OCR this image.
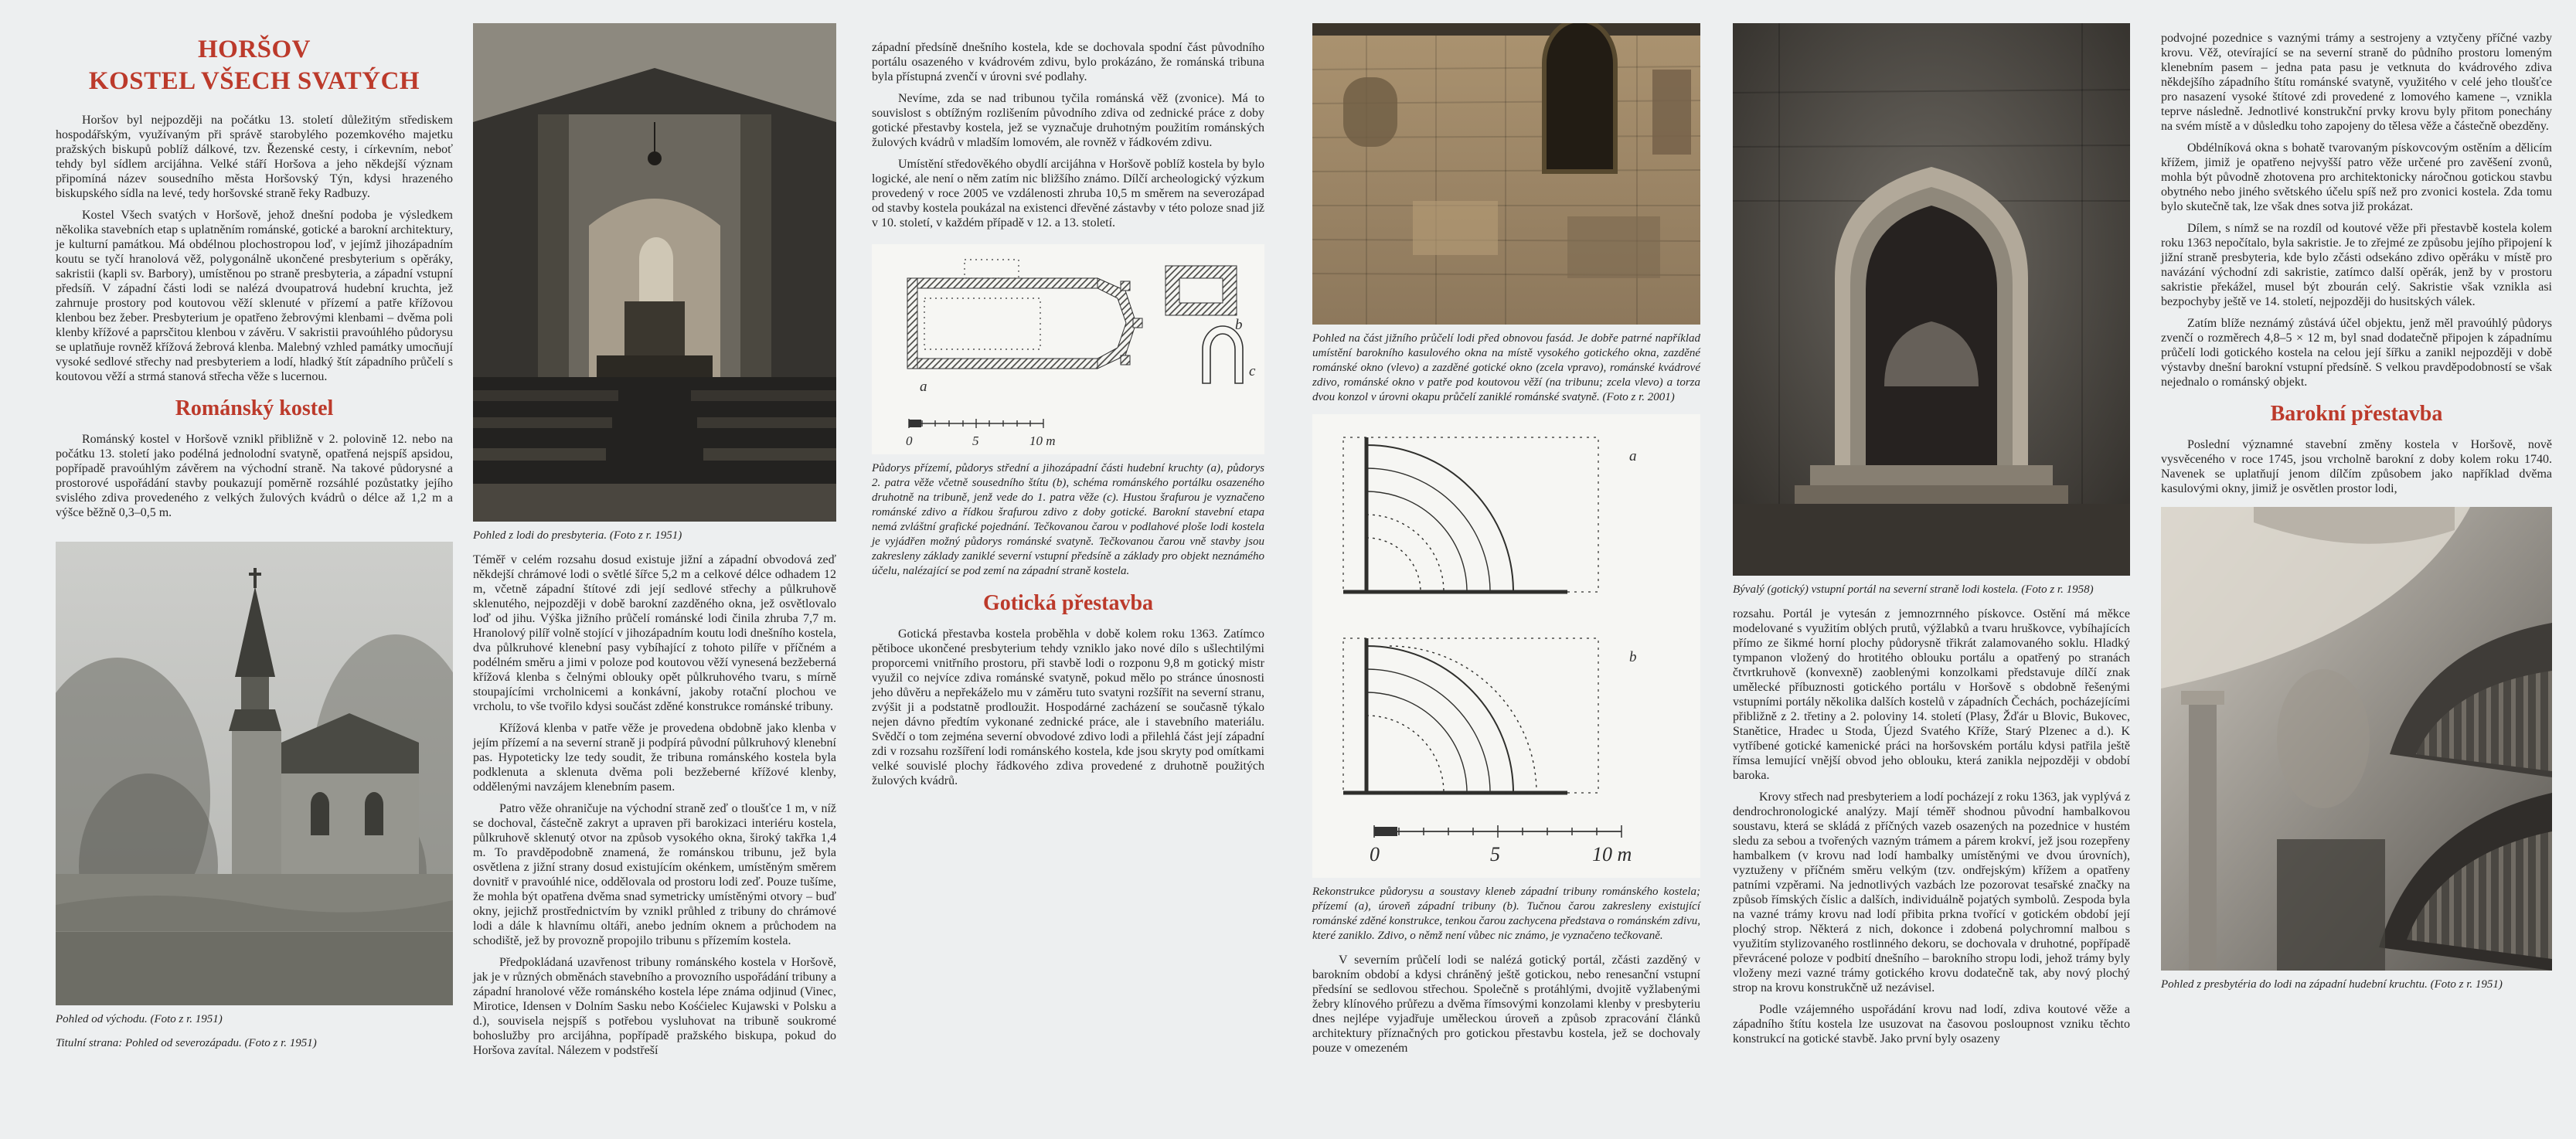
HORŠOV
KOSTEL VŠECH SVATÝCH

Horšov byl nejpozději na počátku 13. století důležitým střediskem hospodářským, využívaným při správě starobylého pozemkového majetku pražských biskupů poblíž dálkové, tzv. Řezenské cesty, i církevním, neboť tehdy byl sídlem arcijáhna. Velké stáří Horšova a jeho někdejší význam připomíná název sousedního města Horšovský Týn, kdysi hrazeného biskupského sídla na levé, tedy horšovské straně řeky Radbuzy.

Kostel Všech svatých v Horšově, jehož dnešní podoba je výsledkem několika stavebních etap s uplatněním románské, gotické a barokní architektury, je kulturní památkou. Má obdélnou plochostropou loď, v jejímž jihozápadním koutu se tyčí hranolová věž, polygonálně ukončené presbyterium s opěráky, sakristii (kapli sv. Barbory), umístěnou po straně presbyteria, a západní vstupní předsíň. V západní části lodi se nalézá dvoupatrová hudební kruchta, jež zahrnuje prostory pod koutovou věží sklenuté v přízemí a patře křížovou klenbou bez žeber. Presbyterium je opatřeno žebrovými klenbami – dvěma poli klenby křížové a paprsčitou klenbou v závěru. V sakristii pravoúhlého půdorysu se uplatňuje rovněž křížová žebrová klenba. Malebný vzhled památky umocňují vysoké sedlové střechy nad presbyteriem a lodí, hladký štít západního průčelí s koutovou věží a strmá stanová střecha věže s lucernou.

Románský kostel

Románský kostel v Horšově vznikl přibližně v 2. polovině 12. nebo na počátku 13. století jako podélná jednolodní svatyně, opatřená nejspíš apsidou, popřípadě pravoúhlým závěrem na východní straně. Na takové půdorysné a prostorové uspořádání stavby poukazují poměrně rozsáhlé pozůstatky jejího svislého zdiva provedeného z velkých žulových kvádrů o délce až 1,2 m a výšce běžně 0,3–0,5 m.

Pohled od východu. (Foto z r. 1951)

Titulní strana: Pohled od severozápadu. (Foto z r. 1951)

Pohled z lodi do presbyteria. (Foto z r. 1951)

Téměř v celém rozsahu dosud existuje jižní a západní obvodová zeď někdejší chrámové lodi o světlé šířce 5,2 m a celkové délce odhadem 12 m, včetně západní štítové zdi její sedlové střechy a půlkruhově sklenutého, nejpozději v době barokní zazděného okna, jež osvětlovalo loď od jihu. Výška jižního průčelí románské lodi činila zhruba 7,7 m. Hranolový pilíř volně stojící v jihozápadním koutu lodi dnešního kostela, dva půlkruhové klenební pasy vybíhající z tohoto pilíře v příčném a podélném směru a jimi v poloze pod koutovou věží vynesená bezžeberná křížová klenba s čelnými oblouky opět půlkruhového tvaru, s mírně stoupajícími vrcholnicemi a konkávní, jakoby rotační plochou ve vrcholu, to vše tvořilo kdysi součást zděné konstrukce románské tribuny.

Křížová klenba v patře věže je provedena obdobně jako klenba v jejím přízemí a na severní straně ji podpírá původní půlkruhový klenební pas. Hypoteticky lze tedy soudit, že tribuna románského kostela byla podklenuta a sklenuta dvěma poli bezžeberné křížové klenby, oddělenými navzájem klenebním pasem.

Patro věže ohraničuje na východní straně zeď o tloušťce 1 m, v níž se dochoval, částečně zakryt a upraven při barokizaci interiéru kostela, půlkruhově sklenutý otvor na způsob vysokého okna, široký takřka 1,4 m. To pravděpodobně znamená, že románskou tribunu, jež byla osvětlena z jižní strany dosud existujícím okénkem, umístěným směrem dovnitř v pravoúhlé nice, oddělovala od prostoru lodi zeď. Pouze tušíme, že mohla být opatřena dvěma snad symetricky umístěnými otvory – buď okny, jejichž prostřednictvím by vznikl průhled z tribuny do chrámové lodi a dále k hlavnímu oltáři, anebo jedním oknem a průchodem na schodiště, jež by provozně propojilo tribunu s přízemím kostela.

Předpokládaná uzavřenost tribuny románského kostela v Horšově, jak je v různých obměnách stavebního a provozního uspořádání tribuny a západní hranolové věže románského kostela lépe známa odjinud (Vinec, Mirotice, Idensen v Dolním Sasku nebo Kośćielec Kujawski v Polsku a d.), souvisela nejspíš s potřebou vysluhovat na tribuně soukromé bohoslužby pro arcijáhna, popřípadě pražského biskupa, pokud do Horšova zavítal. Nálezem v podstřeší

západní předsíně dnešního kostela, kde se dochovala spodní část původního portálu osazeného v kvádrovém zdivu, bylo prokázáno, že románská tribuna byla přístupná zvenčí v úrovni své podlahy.

Nevíme, zda se nad tribunou tyčila románská věž (zvonice). Má to souvislost s obtížným rozlišením původního zdiva od zednické práce z doby gotické přestavby kostela, jež se vyznačuje druhotným použitím románských žulových kvádrů v mladším lomovém, ale rovněž v řádkovém zdivu.

Umístění středověkého obydlí arcijáhna v Horšově poblíž kostela by bylo logické, ale není o něm zatím nic bližšího známo. Dílčí archeologický výzkum provedený v roce 2005 ve vzdálenosti zhruba 10,5 m směrem na severozápad od stavby kostela poukázal na existenci dřevěné zástavby v této poloze snad již v 10. století, v každém případě v 12. a 13. století.

a
b
c
0	5	10 m

Půdorys přízemí, půdorys střední a jihozápadní části hudební kruchty (a), půdorys 2. patra věže včetně sousedního štítu (b), schéma románského portálku osazeného druhotně na tribuně, jenž vede do 1. patra věže (c). Hustou šrafurou je vyznačeno románské zdivo a řídkou šrafurou zdivo z doby gotické. Barokní stavební etapa nemá zvláštní grafické pojednání. Tečkovanou čarou v podlahové ploše lodi kostela je vyjádřen možný půdorys románské svatyně. Tečkovanou čarou vně stavby jsou zakresleny základy zaniklé severní vstupní předsíně a základy pro objekt neznámého účelu, nalézající se pod zemí na západní straně kostela.

Gotická přestavba

Gotická přestavba kostela proběhla v době kolem roku 1363. Zatímco pětiboce ukončené presbyterium tehdy vzniklo jako nové dílo s ušlechtilými proporcemi vnitřního prostoru, při stavbě lodi o rozponu 9,8 m gotický mistr využil co nejvíce zdiva románské svatyně, pokud mělo po stránce únosnosti jeho důvěru a nepřekáželo mu v záměru tuto svatyni rozšířit na severní stranu, zvýšit ji a podstatně prodloužit. Hospodárné zacházení se současně týkalo nejen dávno předtím vykonané zednické práce, ale i stavebního materiálu. Svědčí o tom zejména severní obvodové zdivo lodi a přilehlá část její západní zdi v rozsahu rozšíření lodi románského kostela, kde jsou skryty pod omítkami velké souvislé plochy řádkového zdiva provedené z druhotně použitých žulových kvádrů.

Pohled na část jižního průčelí lodi před obnovou fasád. Je dobře patrné například umístění barokního kasulového okna na místě vysokého gotického okna, zazděné románské okno (vlevo) a zazděné gotické okno (zcela vpravo), románské kvádrové zdivo, románské okno v patře pod koutovou věží (na tribunu; zcela vlevo) a torza dvou konzol v úrovni okapu průčelí zaniklé románské svatyně. (Foto z r. 2001)

a
b
0	5	10 m

Rekonstrukce půdorysu a soustavy kleneb západní tribuny románského kostela; přízemí (a), úroveň západní tribuny (b). Tučnou čarou zakresleny existující románské zděné konstrukce, tenkou čarou zachycena představa o románském zdivu, které zaniklo. Zdivo, o němž není vůbec nic známo, je vyznačeno tečkovaně.

V severním průčelí lodi se nalézá gotický portál, zčásti zazděný v barokním období a kdysi chráněný ještě gotickou, nebo renesanční vstupní předsíní se sedlovou střechou. Společně s protáhlými, dvojitě vyžlabenými žebry klínového průřezu a dvěma římsovými konzolami klenby v presbyteriu dnes nejlépe vyjadřuje uměleckou úroveň a způsob zpracování článků architektury příznačných pro gotickou přestavbu kostela, jež se dochovaly pouze v omezeném

Bývalý (gotický) vstupní portál na severní straně lodi kostela. (Foto z r. 1958)

rozsahu. Portál je vytesán z jemnozrnného pískovce. Ostění má měkce modelované s využitím oblých prutů, výžlabků a tvaru hruškovce, vybíhajících přímo ze šikmé horní plochy půdorysně třikrát zalamovaného soklu. Hladký tympanon vložený do hrotitého oblouku portálu a opatřený po stranách čtvrtkruhově (konvexně) zaoblenými konzolkami představuje dílčí znak umělecké příbuznosti gotického portálu v Horšově s obdobně řešenými vstupními portály několika dalších kostelů v západních Čechách, pocházejícími přibližně z 2. třetiny a 2. poloviny 14. století (Plasy, Žďár u Blovic, Bukovec, Stanětice, Hradec u Stoda, Újezd Svatého Kříže, Starý Plzenec a d.). K vytříbené gotické kamenické práci na horšovském portálu kdysi patřila ještě římsa lemující vnější obvod jeho oblouku, která zanikla nejpozději v období baroka.

Krovy střech nad presbyteriem a lodí pocházejí z roku 1363, jak vyplývá z dendrochronologické analýzy. Mají téměř shodnou původní hambalkovou soustavu, která se skládá z příčných vazeb osazených na pozednice v hustém sledu za sebou a tvořených vazným trámem a párem krokví, jež jsou rozepřeny hambalkem (v krovu nad lodí hambalky umístěnými ve dvou úrovních), vyztuženy v příčném směru velkým (tzv. ondřejským) křížem a opatřeny patními vzpěrami. Na jednotlivých vazbách lze pozorovat tesařské značky na způsob římských číslic a dalších, individuálně pojatých symbolů. Zespoda byla na vazné trámy krovu nad lodí přibita prkna tvořící v gotickém období její plochý strop. Některá z nich, dokonce i zdobená polychromní malbou s využitím stylizovaného rostlinného dekoru, se dochovala v druhotné, popřípadě převrácené poloze v podbití dnešního – barokního stropu lodi, jehož trámy byly vloženy mezi vazné trámy gotického krovu dodatečně tak, aby nový plochý strop na krovu konstrukčně už nezávisel.

Podle vzájemného uspořádání krovu nad lodí, zdiva koutové věže a západního štítu kostela lze usuzovat na časovou posloupnost vzniku těchto konstrukcí na gotické stavbě. Jako první byly osazeny

podvojné pozednice s vaznými trámy a sestrojeny a vztyčeny příčné vazby krovu. Věž, otevírající se na severní straně do půdního prostoru lomeným klenebním pasem – jedna pata pasu je vetknuta do kvádrového zdiva někdejšího západního štítu románské svatyně, využitého v celé jeho tloušťce pro nasazení vysoké štítové zdi provedené z lomového kamene –, vznikla teprve následně. Jednotlivé konstrukční prvky krovu byly přitom ponechány na svém místě a v důsledku toho zapojeny do tělesa věže a částečně obezděny.

Obdélníková okna s bohatě tvarovaným pískovcovým ostěním a dělicím křížem, jimiž je opatřeno nejvyšší patro věže určené pro zavěšení zvonů, mohla být původně zhotovena pro architektonicky náročnou gotickou stavbu obytného nebo jiného světského účelu spíš než pro zvonici kostela. Zda tomu bylo skutečně tak, lze však dnes sotva již prokázat.

Dílem, s nímž se na rozdíl od koutové věže při přestavbě kostela kolem roku 1363 nepočítalo, byla sakristie. Je to zřejmé ze způsobu jejího připojení k jižní straně presbyteria, kde bylo zčásti odsekáno zdivo opěráku v místě pro navázání východní zdi sakristie, zatímco další opěrák, jenž by v prostoru sakristie překážel, musel být zbourán celý. Sakristie však vznikla asi bezpochyby ještě ve 14. století, nejpozději do husitských válek.

Zatím blíže neznámý zůstává účel objektu, jenž měl pravoúhlý půdorys zvenčí o rozměrech 4,8–5 × 12 m, byl snad dodatečně připojen k západnímu průčelí lodi gotického kostela na celou její šířku a zanikl nejpozději v době výstavby dnešní barokní vstupní předsíně. S velkou pravděpodobností se však nejednalo o románský objekt.

Barokní přestavba

Poslední významné stavební změny kostela v Horšově, nově vysvěceného v roce 1745, jsou vrcholně barokní z doby kolem roku 1740. Navenek se uplatňují jenom dílčím způsobem jako například dvěma kasulovými okny, jimiž je osvětlen prostor lodi,

Pohled z presbytéria do lodi na západní hudební kruchtu. (Foto z r. 1951)
